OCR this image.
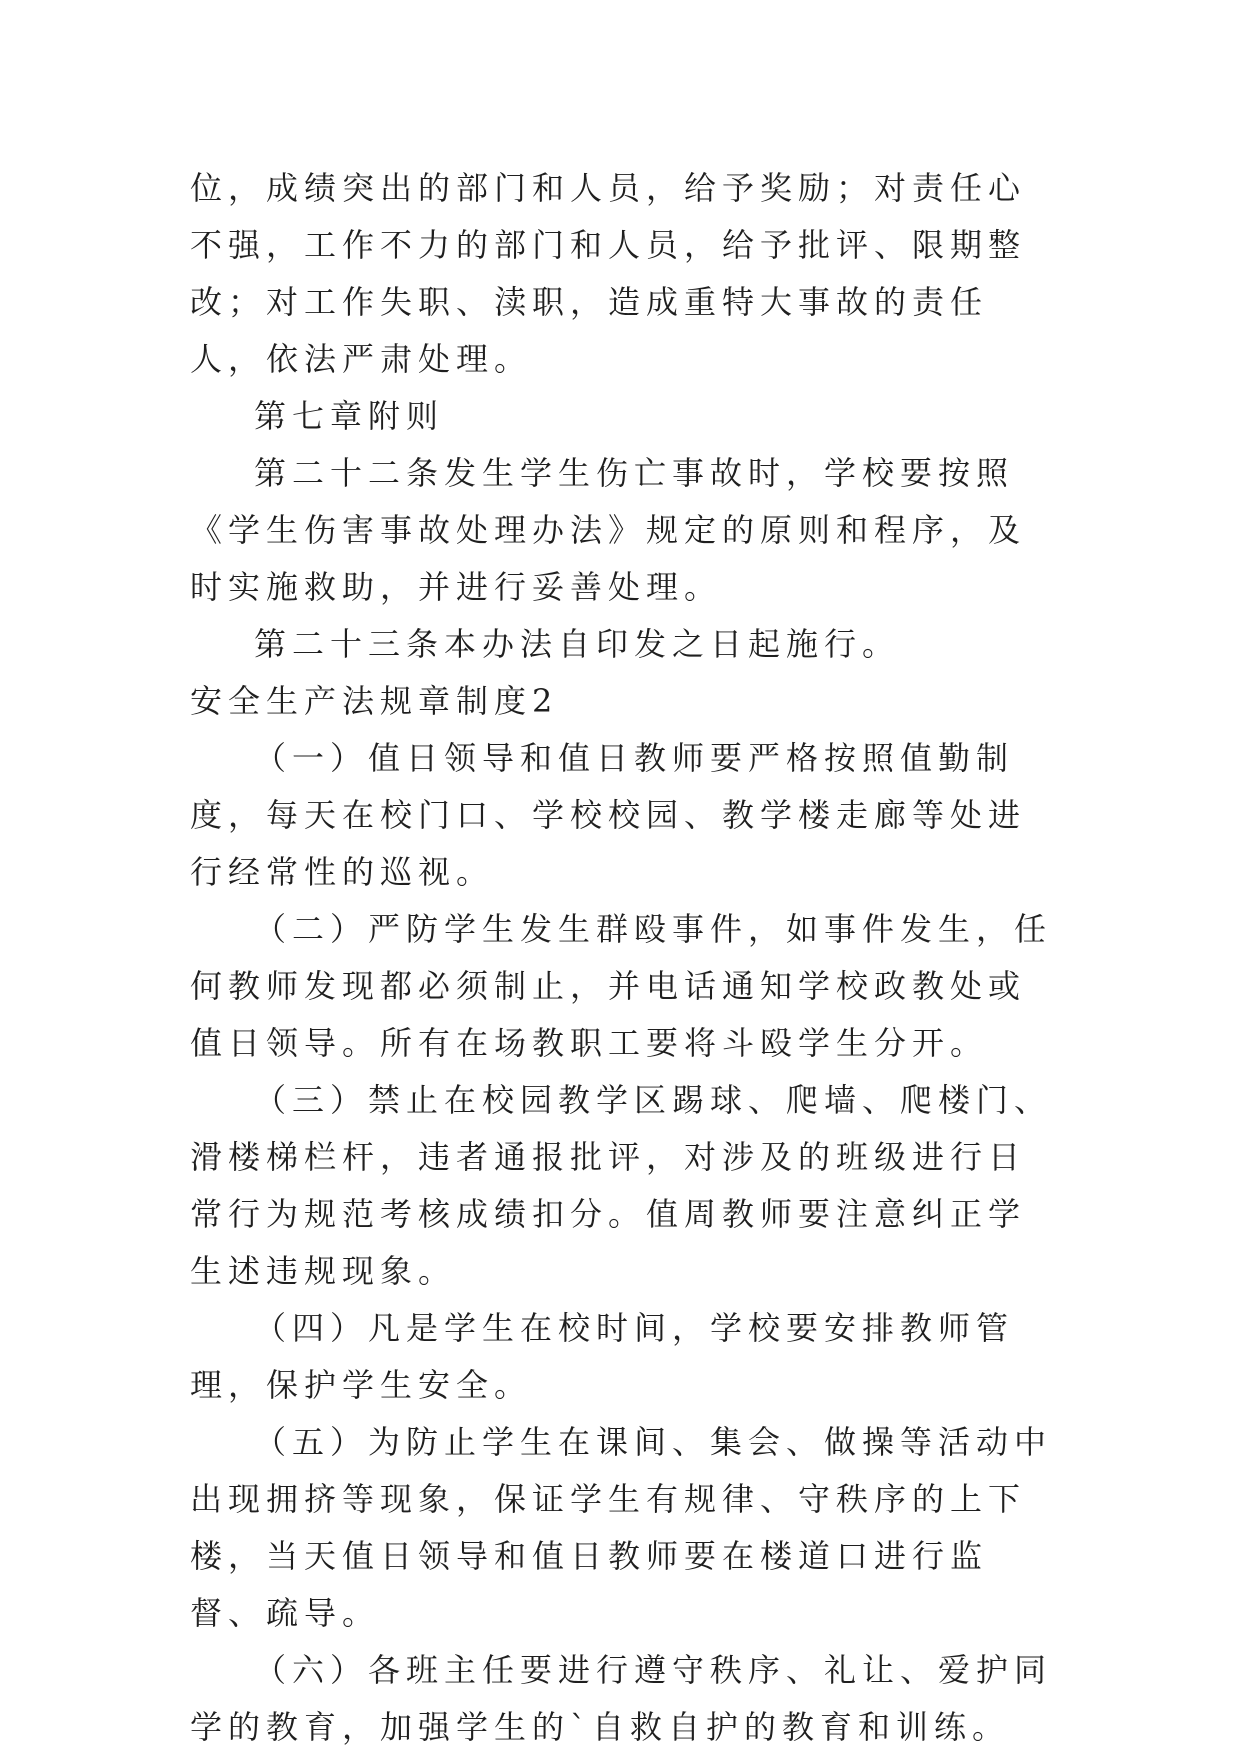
位，成绩突出的部门和人员，给予奖励；对责任心不强，工作不力的部门和人员，给予批评、限期整改；对工作失职、渎职，造成重特大事故的责任人，依法严肃处理。

第七章附则

第二十二条发生学生伤亡事故时，学校要按照《学生伤害事故处理办法》规定的原则和程序，及时实施救助，并进行妥善处理。

第二十三条本办法自印发之日起施行。

安全生产法规章制度2

（一）值日领导和值日教师要严格按照值勤制度，每天在校门口、学校校园、教学楼走廊等处进行经常性的巡视。

（二）严防学生发生群殴事件，如事件发生，任何教师发现都必须制止，并电话通知学校政教处或值日领导。所有在场教职工要将斗殴学生分开。

（三）禁止在校园教学区踢球、爬墙、爬楼门、滑楼梯栏杆，违者通报批评，对涉及的班级进行日常行为规范考核成绩扣分。值周教师要注意纠正学生述违规现象。

（四）凡是学生在校时间，学校要安排教师管理，保护学生安全。

（五）为防止学生在课间、集会、做操等活动中出现拥挤等现象，保证学生有规律、守秩序的上下楼，当天值日领导和值日教师要在楼道口进行监督、疏导。

（六）各班主任要进行遵守秩序、礼让、爱护同学的教育，加强学生的`自救自护的教育和训练。
